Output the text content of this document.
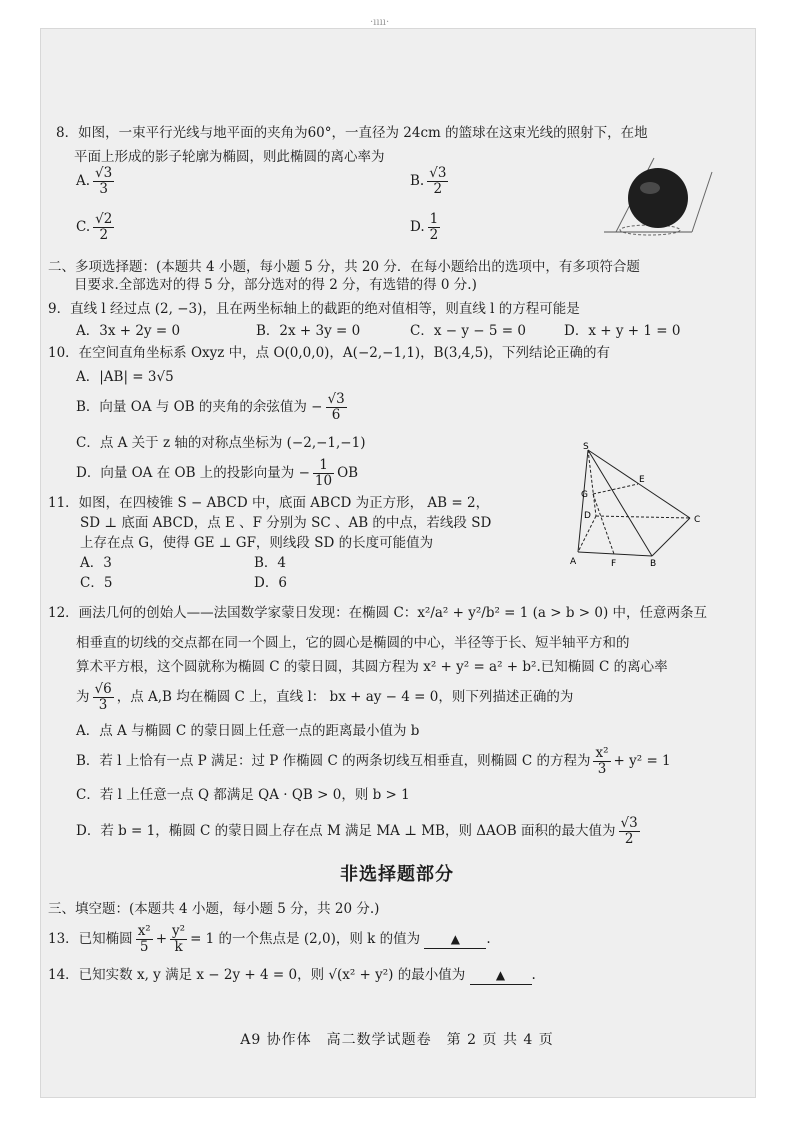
·ıııı·
8．如图，一束平行光线与地平面的夹角为60°，一直径为 24cm 的篮球在这束光线的照射下，在地
平面上形成的影子轮廓为椭圆，则此椭圆的离心率为
A. $\frac{√3}{3}$	B. $\frac{√3}{2}$
C. $\frac{√2}{2}$	D. $\frac{1}{2}$
二、多项选择题：(本题共 4 小题，每小题 5 分，共 20 分．在每小题给出的选项中，有多项符合题
目要求.全部选对的得 5 分，部分选对的得 2 分，有选错的得 0 分.)
9．直线 l 经过点 (2, −3)，且在两坐标轴上的截距的绝对值相等，则直线 l 的方程可能是
A．3x + 2y = 0	B．2x + 3y = 0	C．x − y − 5 = 0	D．x + y + 1 = 0
10．在空间直角坐标系 Oxyz 中，点 O(0,0,0)，A(−2,−1,1)，B(3,4,5)，下列结论正确的有
A．|AB| = 3√5
B．向量 OA 与 OB 的夹角的余弦值为 − $\frac{√3}{6}$
C．点 A 关于 z 轴的对称点坐标为 (−2,−1,−1)
D．向量 OA 在 OB 上的投影向量为 − $\frac{1}{10}$ OB
11．如图，在四棱锥 S − ABCD 中，底面 ABCD 为正方形， AB = 2，
SD ⊥ 底面 ABCD，点 E 、F 分别为 SC 、AB 的中点，若线段 SD
上存在点 G，使得 GE ⊥ GF，则线段 SD 的长度可能值为
A．3	B．4
C．5	D．6
S
E
G
D	C
A	F	B
12．画法几何的创始人——法国数学家蒙日发现：在椭圆 C：x²/a² + y²/b² = 1 (a > b > 0) 中，任意两条互
相垂直的切线的交点都在同一个圆上，它的圆心是椭圆的中心，半径等于长、短半轴平方和的
算术平方根，这个圆就称为椭圆 C 的蒙日圆，其圆方程为 x² + y² = a² + b².已知椭圆 C 的离心率
为 $\frac{√6}{3}$ ，点 A,B 均在椭圆 C 上，直线 l： bx + ay − 4 = 0，则下列描述正确的为
A．点 A 与椭圆 C 的蒙日圆上任意一点的距离最小值为 b
B．若 l 上恰有一点 P 满足：过 P 作椭圆 C 的两条切线互相垂直，则椭圆 C 的方程为 $\frac{\text{x²}}{3} + y^2 = 1$
C．若 l 上任意一点 Q 都满足 QA · QB > 0，则 b > 1
D．若 b = 1，椭圆 C 的蒙日圆上存在点 M 满足 MA ⊥ MB，则 ΔAOB 面积的最大值为 $\frac{√3}{2}$
非选择题部分
三、填空题：(本题共 4 小题，每小题 5 分，共 20 分.)
13．已知椭圆 $\frac{\text{x²}}{5} + \frac{\text{y²}}{k} = 1$ 的一个焦点是 (2,0)，则 k 的值为	▲ .
14．已知实数 x, y 满足 x − 2y + 4 = 0，则 √(x² + y²) 的最小值为	▲ .
A9 协作体　高二数学试题卷　第 2 页 共 4 页
